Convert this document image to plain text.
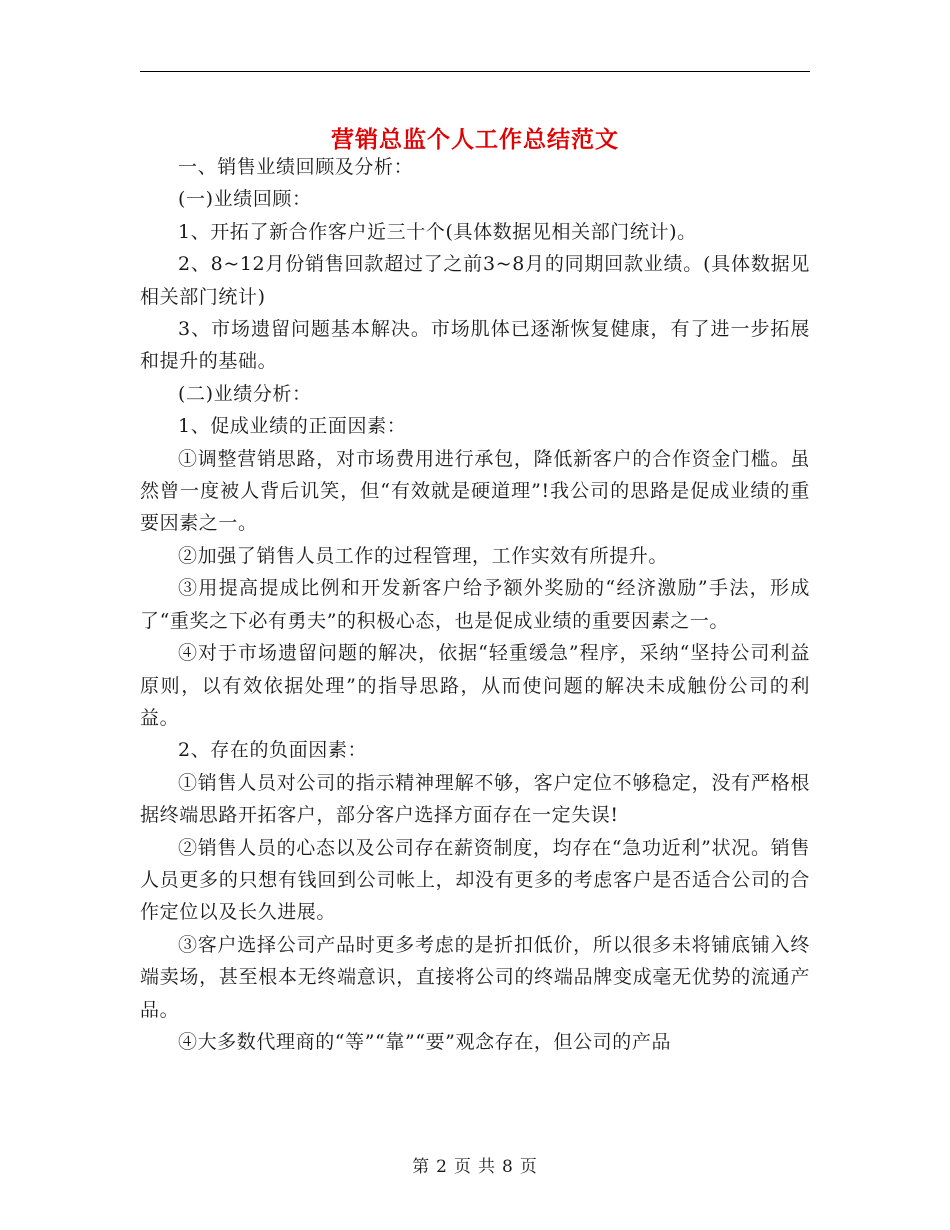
营销总监个人工作总结范文

一、销售业绩回顾及分析：

(一)业绩回顾：

1、开拓了新合作客户近三十个(具体数据见相关部门统计)。

2、8~12月份销售回款超过了之前3~8月的同期回款业绩。(具体数据见相关部门统计)

3、市场遗留问题基本解决。市场肌体已逐渐恢复健康，有了进一步拓展和提升的基础。

(二)业绩分析：

1、促成业绩的正面因素：

①调整营销思路，对市场费用进行承包，降低新客户的合作资金门槛。虽然曾一度被人背后讥笑，但“有效就是硬道理”!我公司的思路是促成业绩的重要因素之一。

②加强了销售人员工作的过程管理，工作实效有所提升。

③用提高提成比例和开发新客户给予额外奖励的“经济激励”手法，形成了“重奖之下必有勇夫”的积极心态，也是促成业绩的重要因素之一。

④对于市场遗留问题的解决，依据“轻重缓急”程序，采纳“坚持公司利益原则，以有效依据处理”的指导思路，从而使问题的解决未成触份公司的利益。

2、存在的负面因素：

①销售人员对公司的指示精神理解不够，客户定位不够稳定，没有严格根据终端思路开拓客户，部分客户选择方面存在一定失误!

②销售人员的心态以及公司存在薪资制度，均存在“急功近利”状况。销售人员更多的只想有钱回到公司帐上，却没有更多的考虑客户是否适合公司的合作定位以及长久进展。

③客户选择公司产品时更多考虑的是折扣低价，所以很多未将铺底铺入终端卖场，甚至根本无终端意识，直接将公司的终端品牌变成毫无优势的流通产品。

④大多数代理商的“等”“靠”“要”观念存在，但公司的产品

第 2 页 共 8 页
